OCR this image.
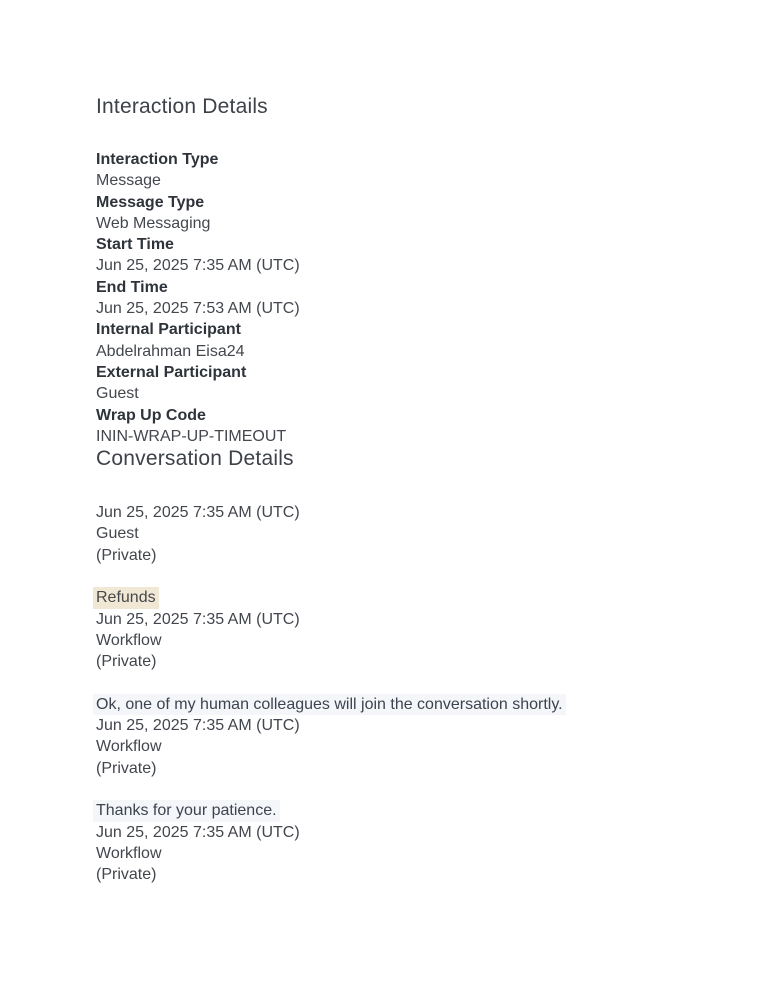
Interaction Details
Interaction Type
Message
Message Type
Web Messaging
Start Time
Jun 25, 2025 7:35 AM (UTC)
End Time
Jun 25, 2025 7:53 AM (UTC)
Internal Participant
Abdelrahman Eisa24
External Participant
Guest
Wrap Up Code
ININ-WRAP-UP-TIMEOUT
Conversation Details
Jun 25, 2025 7:35 AM (UTC)
Guest
(Private)
Refunds
Jun 25, 2025 7:35 AM (UTC)
Workflow
(Private)
Ok, one of my human colleagues will join the conversation shortly.
Jun 25, 2025 7:35 AM (UTC)
Workflow
(Private)
Thanks for your patience.
Jun 25, 2025 7:35 AM (UTC)
Workflow
(Private)
